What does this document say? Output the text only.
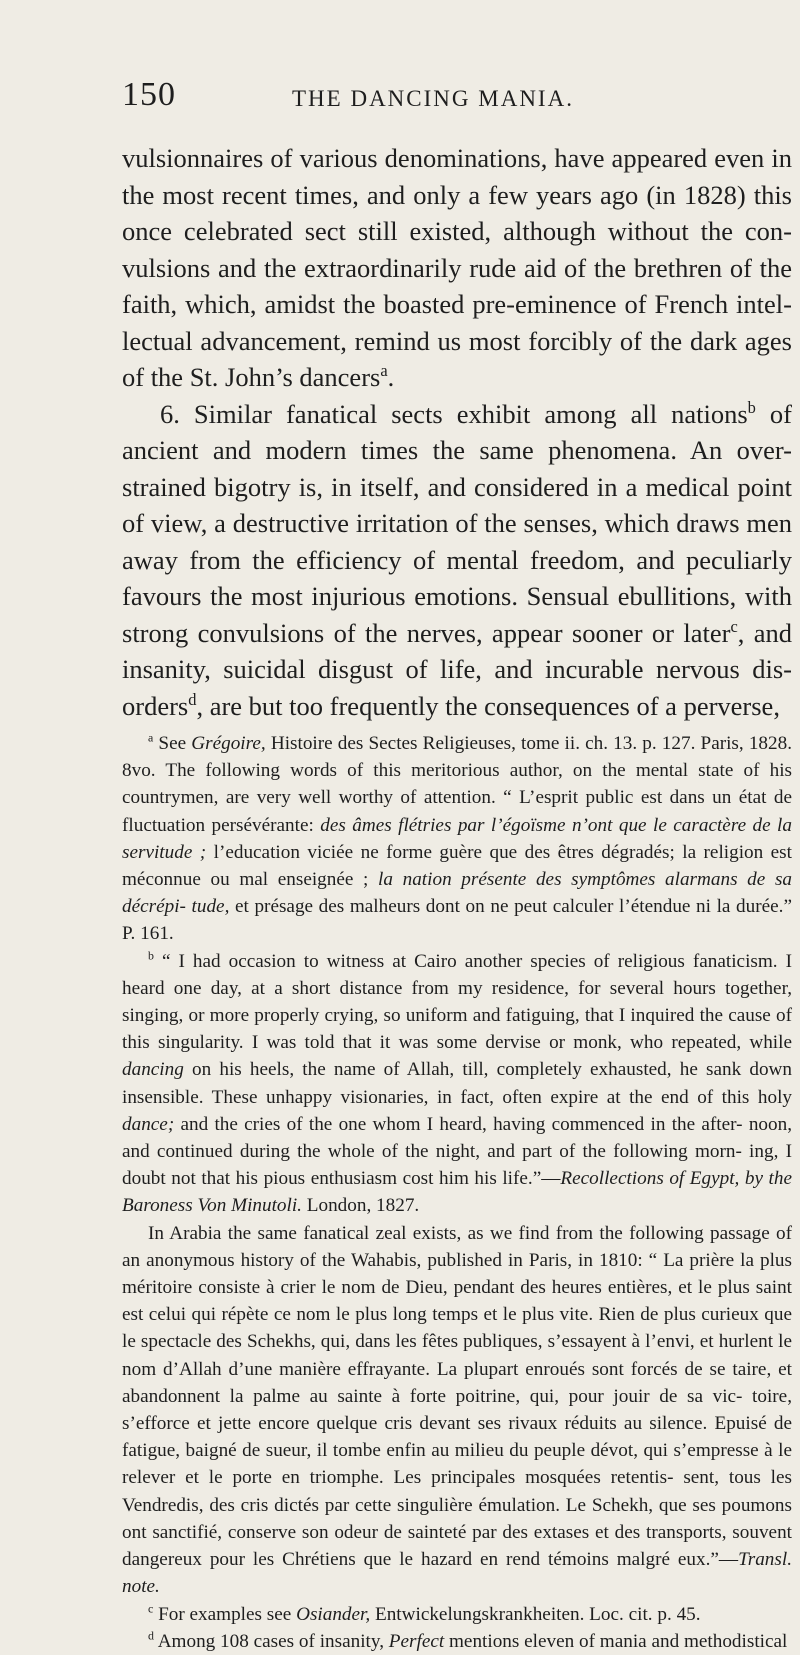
150	THE DANCING MANIA.

vulsionnaires of various denominations, have appeared even in the most recent times, and only a few years ago (in 1828) this once celebrated sect still existed, although without the con- vulsions and the extraordinarily rude aid of the brethren of the faith, which, amidst the boasted pre-eminence of French intel- lectual advancement, remind us most forcibly of the dark ages of the St. John’s dancers$^a$.

6. Similar fanatical sects exhibit among all nations$^b$ of ancient and modern times the same phenomena. An over- strained bigotry is, in itself, and considered in a medical point of view, a destructive irritation of the senses, which draws men away from the efficiency of mental freedom, and peculiarly favours the most injurious emotions. Sensual ebullitions, with strong convulsions of the nerves, appear sooner or later$^c$, and insanity, suicidal disgust of life, and incurable nervous dis- orders$^d$, are but too frequently the consequences of a perverse,

$^a$ See Grégoire, Histoire des Sectes Religieuses, tome ii. ch. 13. p. 127. Paris, 1828. 8vo. The following words of this meritorious author, on the mental state of his countrymen, are very well worthy of attention. “ L’esprit public est dans un état de fluctuation persévérante: des âmes flétries par l’égoïsme n’ont que le caractère de la servitude ; l’education viciée ne forme guère que des êtres dégradés; la religion est méconnue ou mal enseignée ; la nation présente des symptômes alarmans de sa décrépi- tude, et présage des malheurs dont on ne peut calculer l’étendue ni la durée.” P. 161.

$^b$ “ I had occasion to witness at Cairo another species of religious fanaticism. I heard one day, at a short distance from my residence, for several hours together, singing, or more properly crying, so uniform and fatiguing, that I inquired the cause of this singularity. I was told that it was some dervise or monk, who repeated, while dancing on his heels, the name of Allah, till, completely exhausted, he sank down insensible. These unhappy visionaries, in fact, often expire at the end of this holy dance; and the cries of the one whom I heard, having commenced in the after- noon, and continued during the whole of the night, and part of the following morn- ing, I doubt not that his pious enthusiasm cost him his life.”—Recollections of Egypt, by the Baroness Von Minutoli. London, 1827.

In Arabia the same fanatical zeal exists, as we find from the following passage of an anonymous history of the Wahabis, published in Paris, in 1810: “ La prière la plus méritoire consiste à crier le nom de Dieu, pendant des heures entières, et le plus saint est celui qui répète ce nom le plus long temps et le plus vite. Rien de plus curieux que le spectacle des Schekhs, qui, dans les fêtes publiques, s’essayent à l’envi, et hurlent le nom d’Allah d’une manière effrayante. La plupart enroués sont forcés de se taire, et abandonnent la palme au sainte à forte poitrine, qui, pour jouir de sa vic- toire, s’efforce et jette encore quelque cris devant ses rivaux réduits au silence. Epuisé de fatigue, baigné de sueur, il tombe enfin au milieu du peuple dévot, qui s’empresse à le relever et le porte en triomphe. Les principales mosquées retentis- sent, tous les Vendredis, des cris dictés par cette singulière émulation. Le Schekh, que ses poumons ont sanctifié, conserve son odeur de sainteté par des extases et des transports, souvent dangereux pour les Chrétiens que le hazard en rend témoins malgré eux.”—Transl. note.

$^c$ For examples see Osiander, Entwickelungskrankheiten. Loc. cit. p. 45.

$^d$ Among 108 cases of insanity, Perfect mentions eleven of mania and methodistical
